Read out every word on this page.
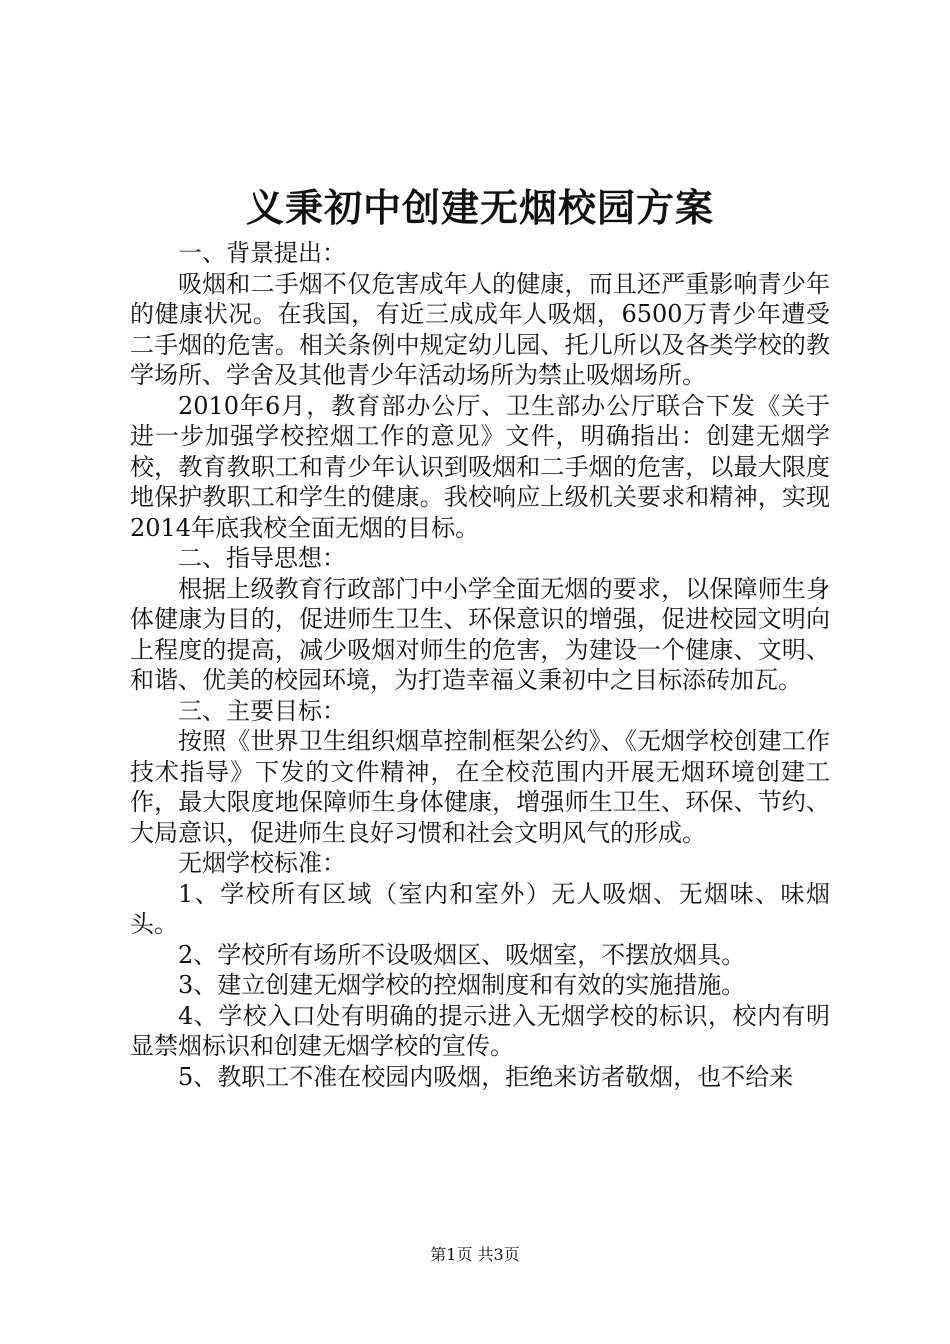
义秉初中创建无烟校园方案

一、背景提出：

吸烟和二手烟不仅危害成年人的健康，而且还严重影响青少年的健康状况。在我国，有近三成成年人吸烟，6500万青少年遭受二手烟的危害。相关条例中规定幼儿园、托儿所以及各类学校的教学场所、学舍及其他青少年活动场所为禁止吸烟场所。

2010年6月，教育部办公厅、卫生部办公厅联合下发《关于进一步加强学校控烟工作的意见》文件，明确指出：创建无烟学校，教育教职工和青少年认识到吸烟和二手烟的危害，以最大限度地保护教职工和学生的健康。我校响应上级机关要求和精神，实现2014年底我校全面无烟的目标。

二、指导思想：

根据上级教育行政部门中小学全面无烟的要求，以保障师生身体健康为目的，促进师生卫生、环保意识的增强，促进校园文明向上程度的提高，减少吸烟对师生的危害，为建设一个健康、文明、和谐、优美的校园环境，为打造幸福义秉初中之目标添砖加瓦。

三、主要目标：

按照《世界卫生组织烟草控制框架公约》、《无烟学校创建工作技术指导》下发的文件精神，在全校范围内开展无烟环境创建工作，最大限度地保障师生身体健康，增强师生卫生、环保、节约、大局意识，促进师生良好习惯和社会文明风气的形成。

无烟学校标准：

1、学校所有区域（室内和室外）无人吸烟、无烟味、味烟头。

2、学校所有场所不设吸烟区、吸烟室，不摆放烟具。

3、建立创建无烟学校的控烟制度和有效的实施措施。

4、学校入口处有明确的提示进入无烟学校的标识，校内有明显禁烟标识和创建无烟学校的宣传。

5、教职工不准在校园内吸烟，拒绝来访者敬烟，也不给来

第1页 共3页
